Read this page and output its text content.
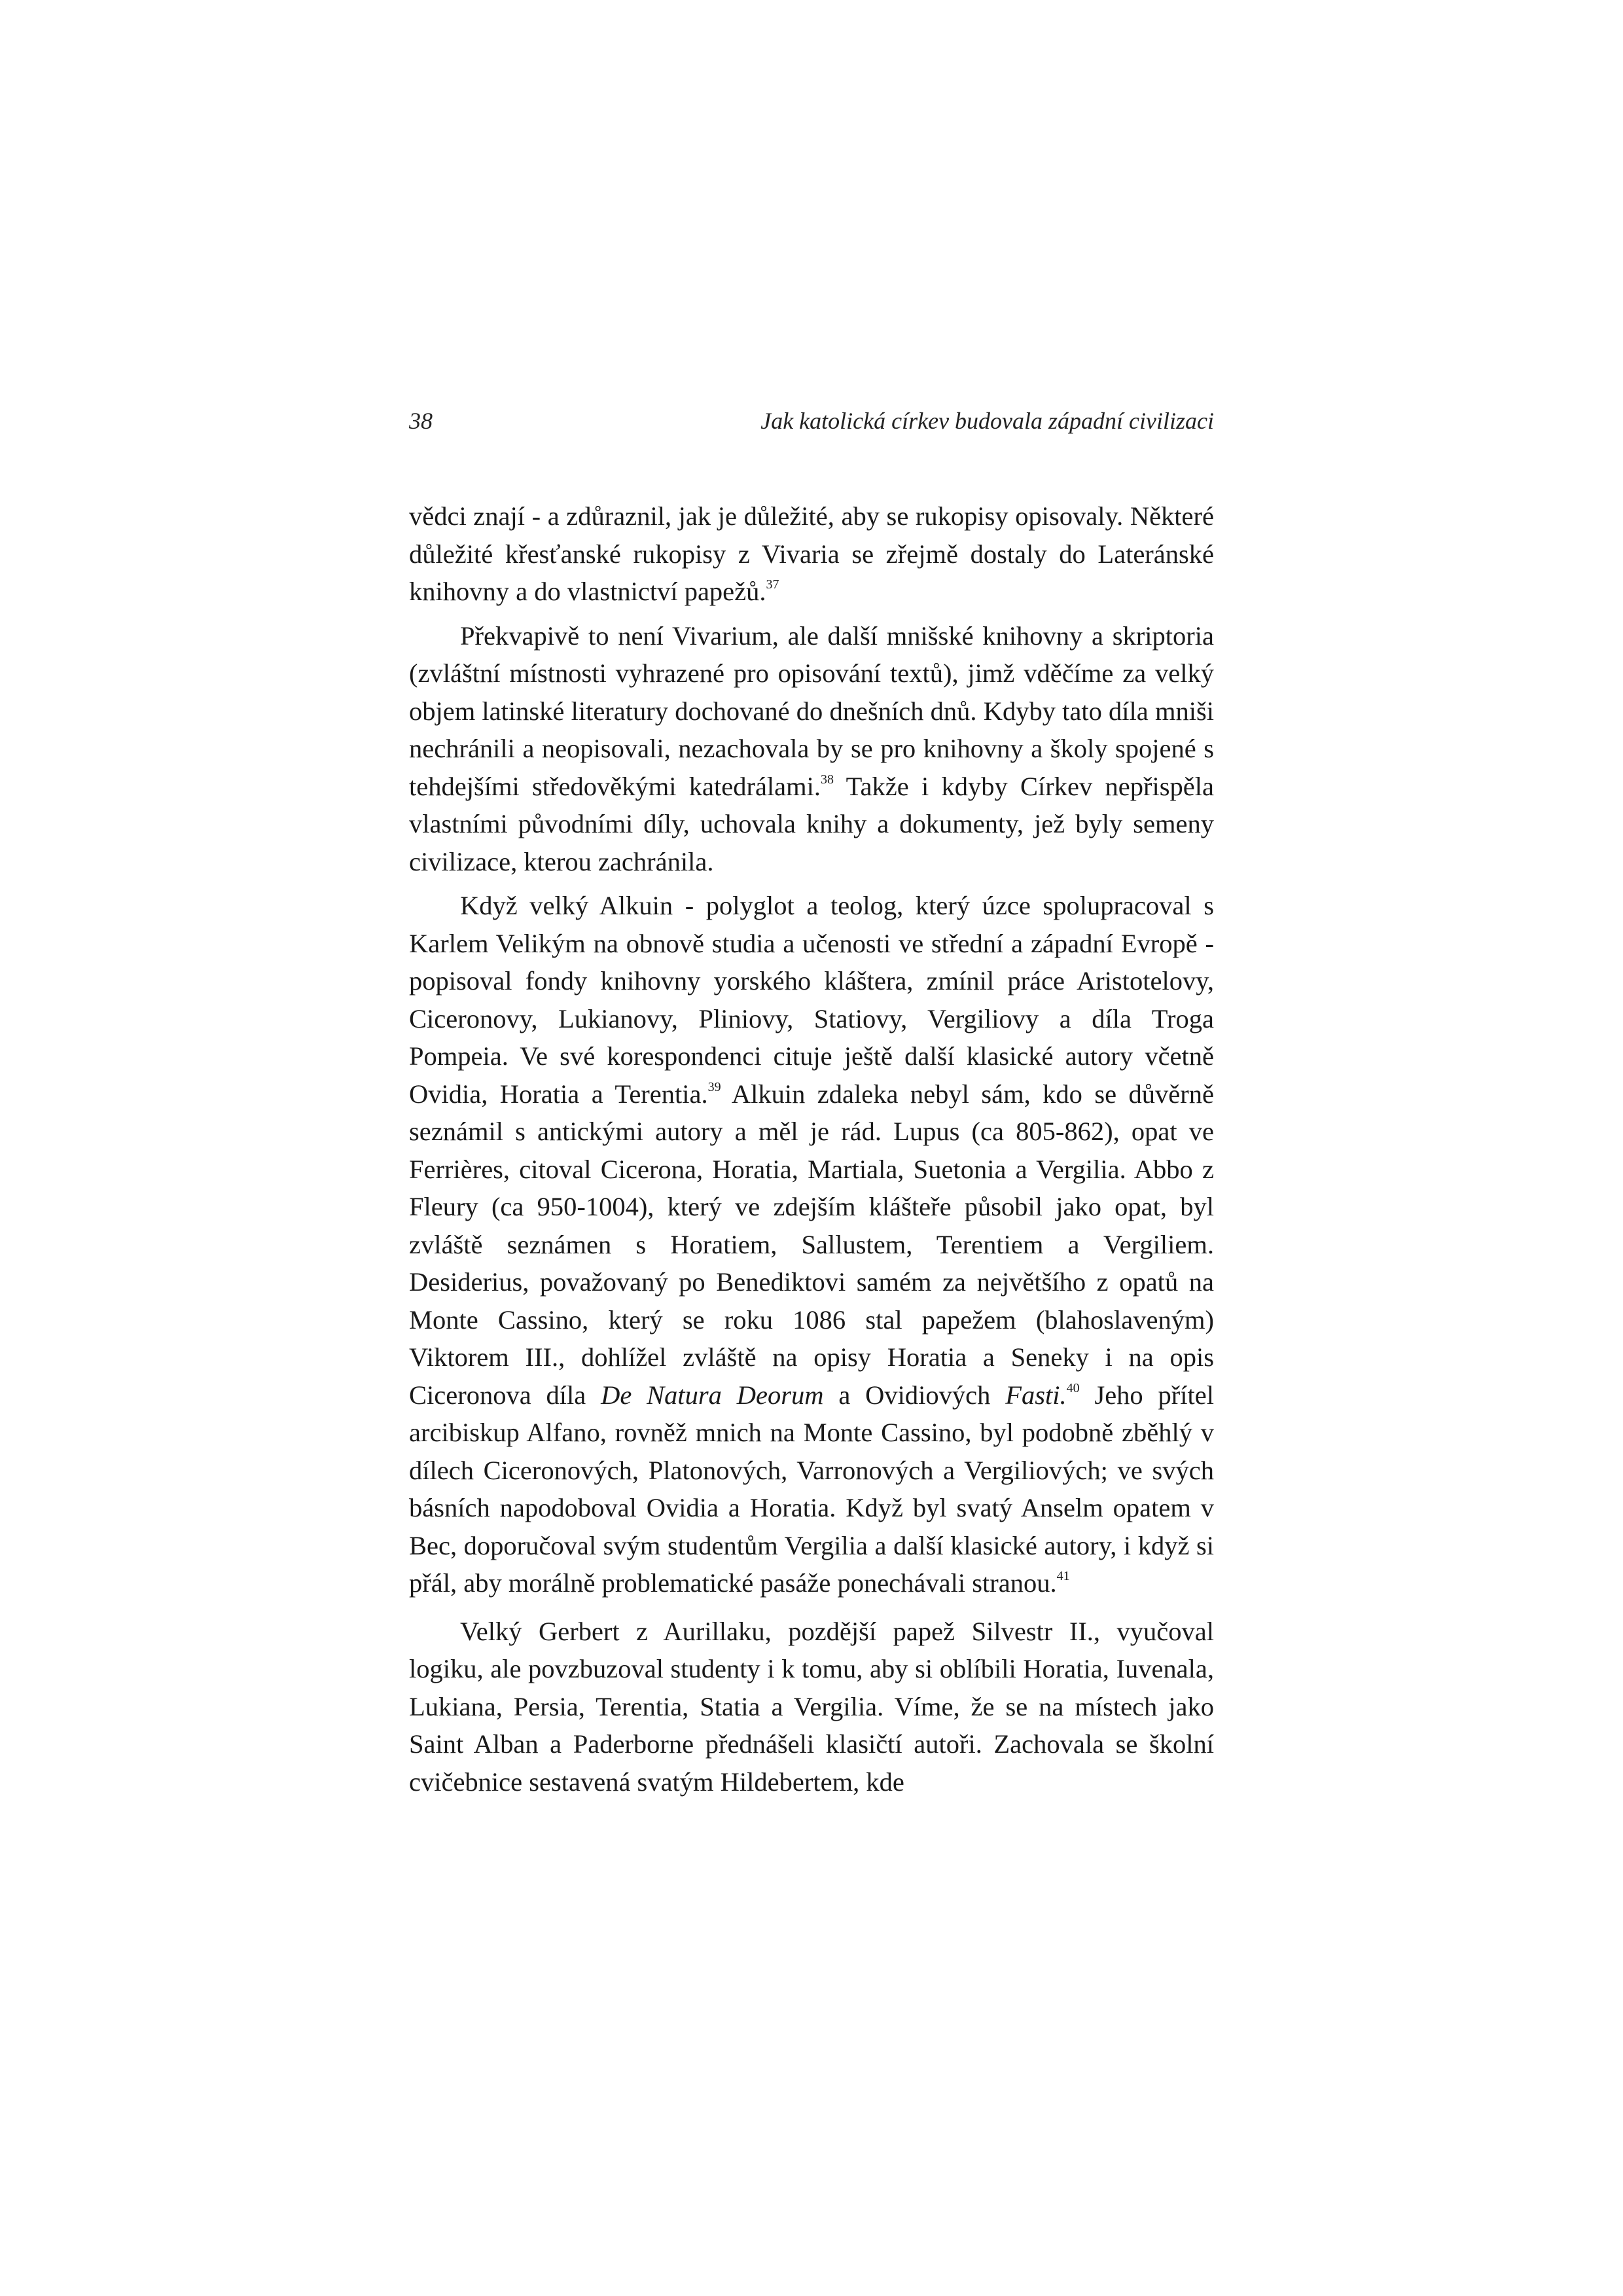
38	Jak katolická církev budovala západní civilizaci

vědci znají - a zdůraznil, jak je důležité, aby se rukopisy opisovaly. Některé důležité křesťanské rukopisy z Vivaria se zřejmě dostaly do Lateránské knihovny a do vlastnictví papežů.$^{37}$

Překvapivě to není Vivarium, ale další mnišské knihovny a skriptoria (zvláštní místnosti vyhrazené pro opisování textů), jimž vděčíme za velký objem latinské literatury dochované do dnešních dnů. Kdyby tato díla mniši nechránili a neopisovali, nezachovala by se pro knihovny a školy spojené s tehdejšími středověkými katedrálami.$^{38}$ Takže i kdyby Církev nepřispěla vlastními původními díly, uchovala knihy a dokumenty, jež byly semeny civilizace, kterou zachránila.

Když velký Alkuin - polyglot a teolog, který úzce spolupracoval s Karlem Velikým na obnově studia a učenosti ve střední a západní Evropě - popisoval fondy knihovny yorského kláštera, zmínil práce Aristotelovy, Ciceronovy, Lukianovy, Pliniovy, Statiovy, Vergiliovy a díla Troga Pompeia. Ve své korespondenci cituje ještě další klasické autory včetně Ovidia, Horatia a Terentia.$^{39}$ Alkuin zdaleka nebyl sám, kdo se důvěrně seznámil s antickými autory a měl je rád. Lupus (ca 805-862), opat ve Ferrières, citoval Cicerona, Horatia, Martiala, Suetonia a Vergilia. Abbo z Fleury (ca 950-1004), který ve zdejším klášteře působil jako opat, byl zvláště seznámen s Horatiem, Sallustem, Terentiem a Vergiliem. Desiderius, považovaný po Benediktovi samém za největšího z opatů na Monte Cassino, který se roku 1086 stal papežem (blahoslaveným) Viktorem III., dohlížel zvláště na opisy Horatia a Seneky i na opis Ciceronova díla De Natura Deorum a Ovidiových Fasti.$^{40}$ Jeho přítel arcibiskup Alfano, rovněž mnich na Monte Cassino, byl podobně zběhlý v dílech Ciceronových, Platonových, Varronových a Vergiliových; ve svých básních napodoboval Ovidia a Horatia. Když byl svatý Anselm opatem v Bec, doporučoval svým studentům Vergilia a další klasické autory, i když si přál, aby morálně problematické pasáže ponechávali stranou.$^{41}$

Velký Gerbert z Aurillaku, pozdější papež Silvestr II., vyučoval logiku, ale povzbuzoval studenty i k tomu, aby si oblíbili Horatia, Iuvenala, Lukiana, Persia, Terentia, Statia a Vergilia. Víme, že se na místech jako Saint Alban a Paderborne přednášeli klasičtí autoři. Zachovala se školní cvičebnice sestavená svatým Hildebertem, kde
